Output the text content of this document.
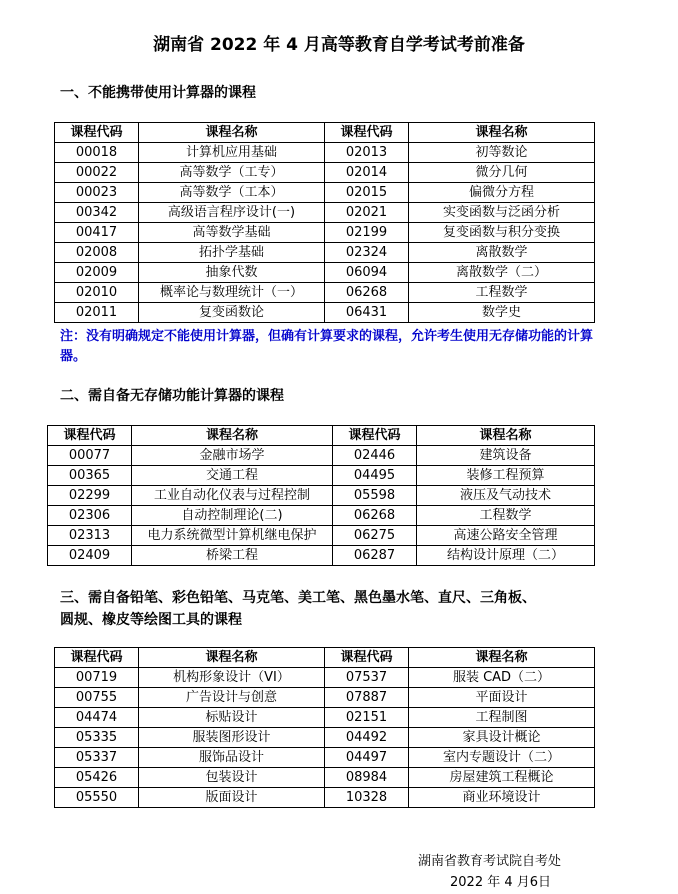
湖南省 2022 年 4 月高等教育自学考试考前准备
一、不能携带使用计算器的课程
课程代码	课程名称	课程代码	课程名称
00018	计算机应用基础	02013	初等数论
00022	高等数学（工专）	02014	微分几何
00023	高等数学（工本）	02015	偏微分方程
00342	高级语言程序设计(一)	02021	实变函数与泛函分析
00417	高等数学基础	02199	复变函数与积分变换
02008	拓扑学基础	02324	离散数学
02009	抽象代数	06094	离散数学（二）
02010	概率论与数理统计（一）	06268	工程数学
02011	复变函数论	06431	数学史
注：没有明确规定不能使用计算器，但确有计算要求的课程，允许考生使用无存储功能的计算器。
二、需自备无存储功能计算器的课程
课程代码	课程名称	课程代码	课程名称
00077	金融市场学	02446	建筑设备
00365	交通工程	04495	装修工程预算
02299	工业自动化仪表与过程控制	05598	液压及气动技术
02306	自动控制理论(二)	06268	工程数学
02313	电力系统微型计算机继电保护	06275	高速公路安全管理
02409	桥梁工程	06287	结构设计原理（二）
三、需自备铅笔、彩色铅笔、马克笔、美工笔、黑色墨水笔、直尺、三角板、
圆规、橡皮等绘图工具的课程
课程代码	课程名称	课程代码	课程名称
00719	机构形象设计（VI）	07537	服装 CAD（二）
00755	广告设计与创意	07887	平面设计
04474	标贴设计	02151	工程制图
05335	服装图形设计	04492	家具设计概论
05337	服饰品设计	04497	室内专题设计（二）
05426	包装设计	08984	房屋建筑工程概论
05550	版面设计	10328	商业环境设计
湖南省教育考试院自考处
2022 年 4 月6日
